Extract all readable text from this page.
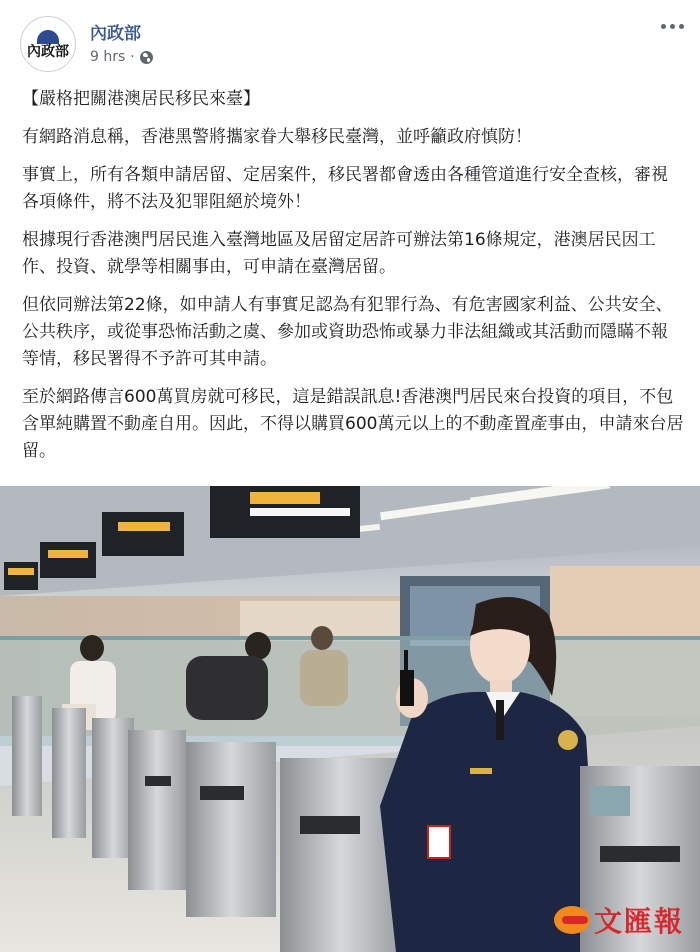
內政部
內政部
9 hrs ·

【嚴格把關港澳居民移民來臺】

有網路消息稱，香港黑警將攜家眷大舉移民臺灣，並呼籲政府慎防！

事實上，所有各類申請居留、定居案件，移民署都會透由各種管道進行安全查核，審視各項條件，將不法及犯罪阻絕於境外！

根據現行香港澳門居民進入臺灣地區及居留定居許可辦法第16條規定，港澳居民因工作、投資、就學等相關事由，可申請在臺灣居留。

但依同辦法第22條，如申請人有事實足認為有犯罪行為、有危害國家利益、公共安全、公共秩序，或從事恐怖活動之虞、參加或資助恐怖或暴力非法組織或其活動而隱瞞不報等情，移民署得不予許可其申請。

至於網路傳言600萬買房就可移民，這是錯誤訊息!香港澳門居民來台投資的項目，不包含單純購置不動產自用。因此，不得以購買600萬元以上的不動產置產事由，申請來台居留。

文匯報
